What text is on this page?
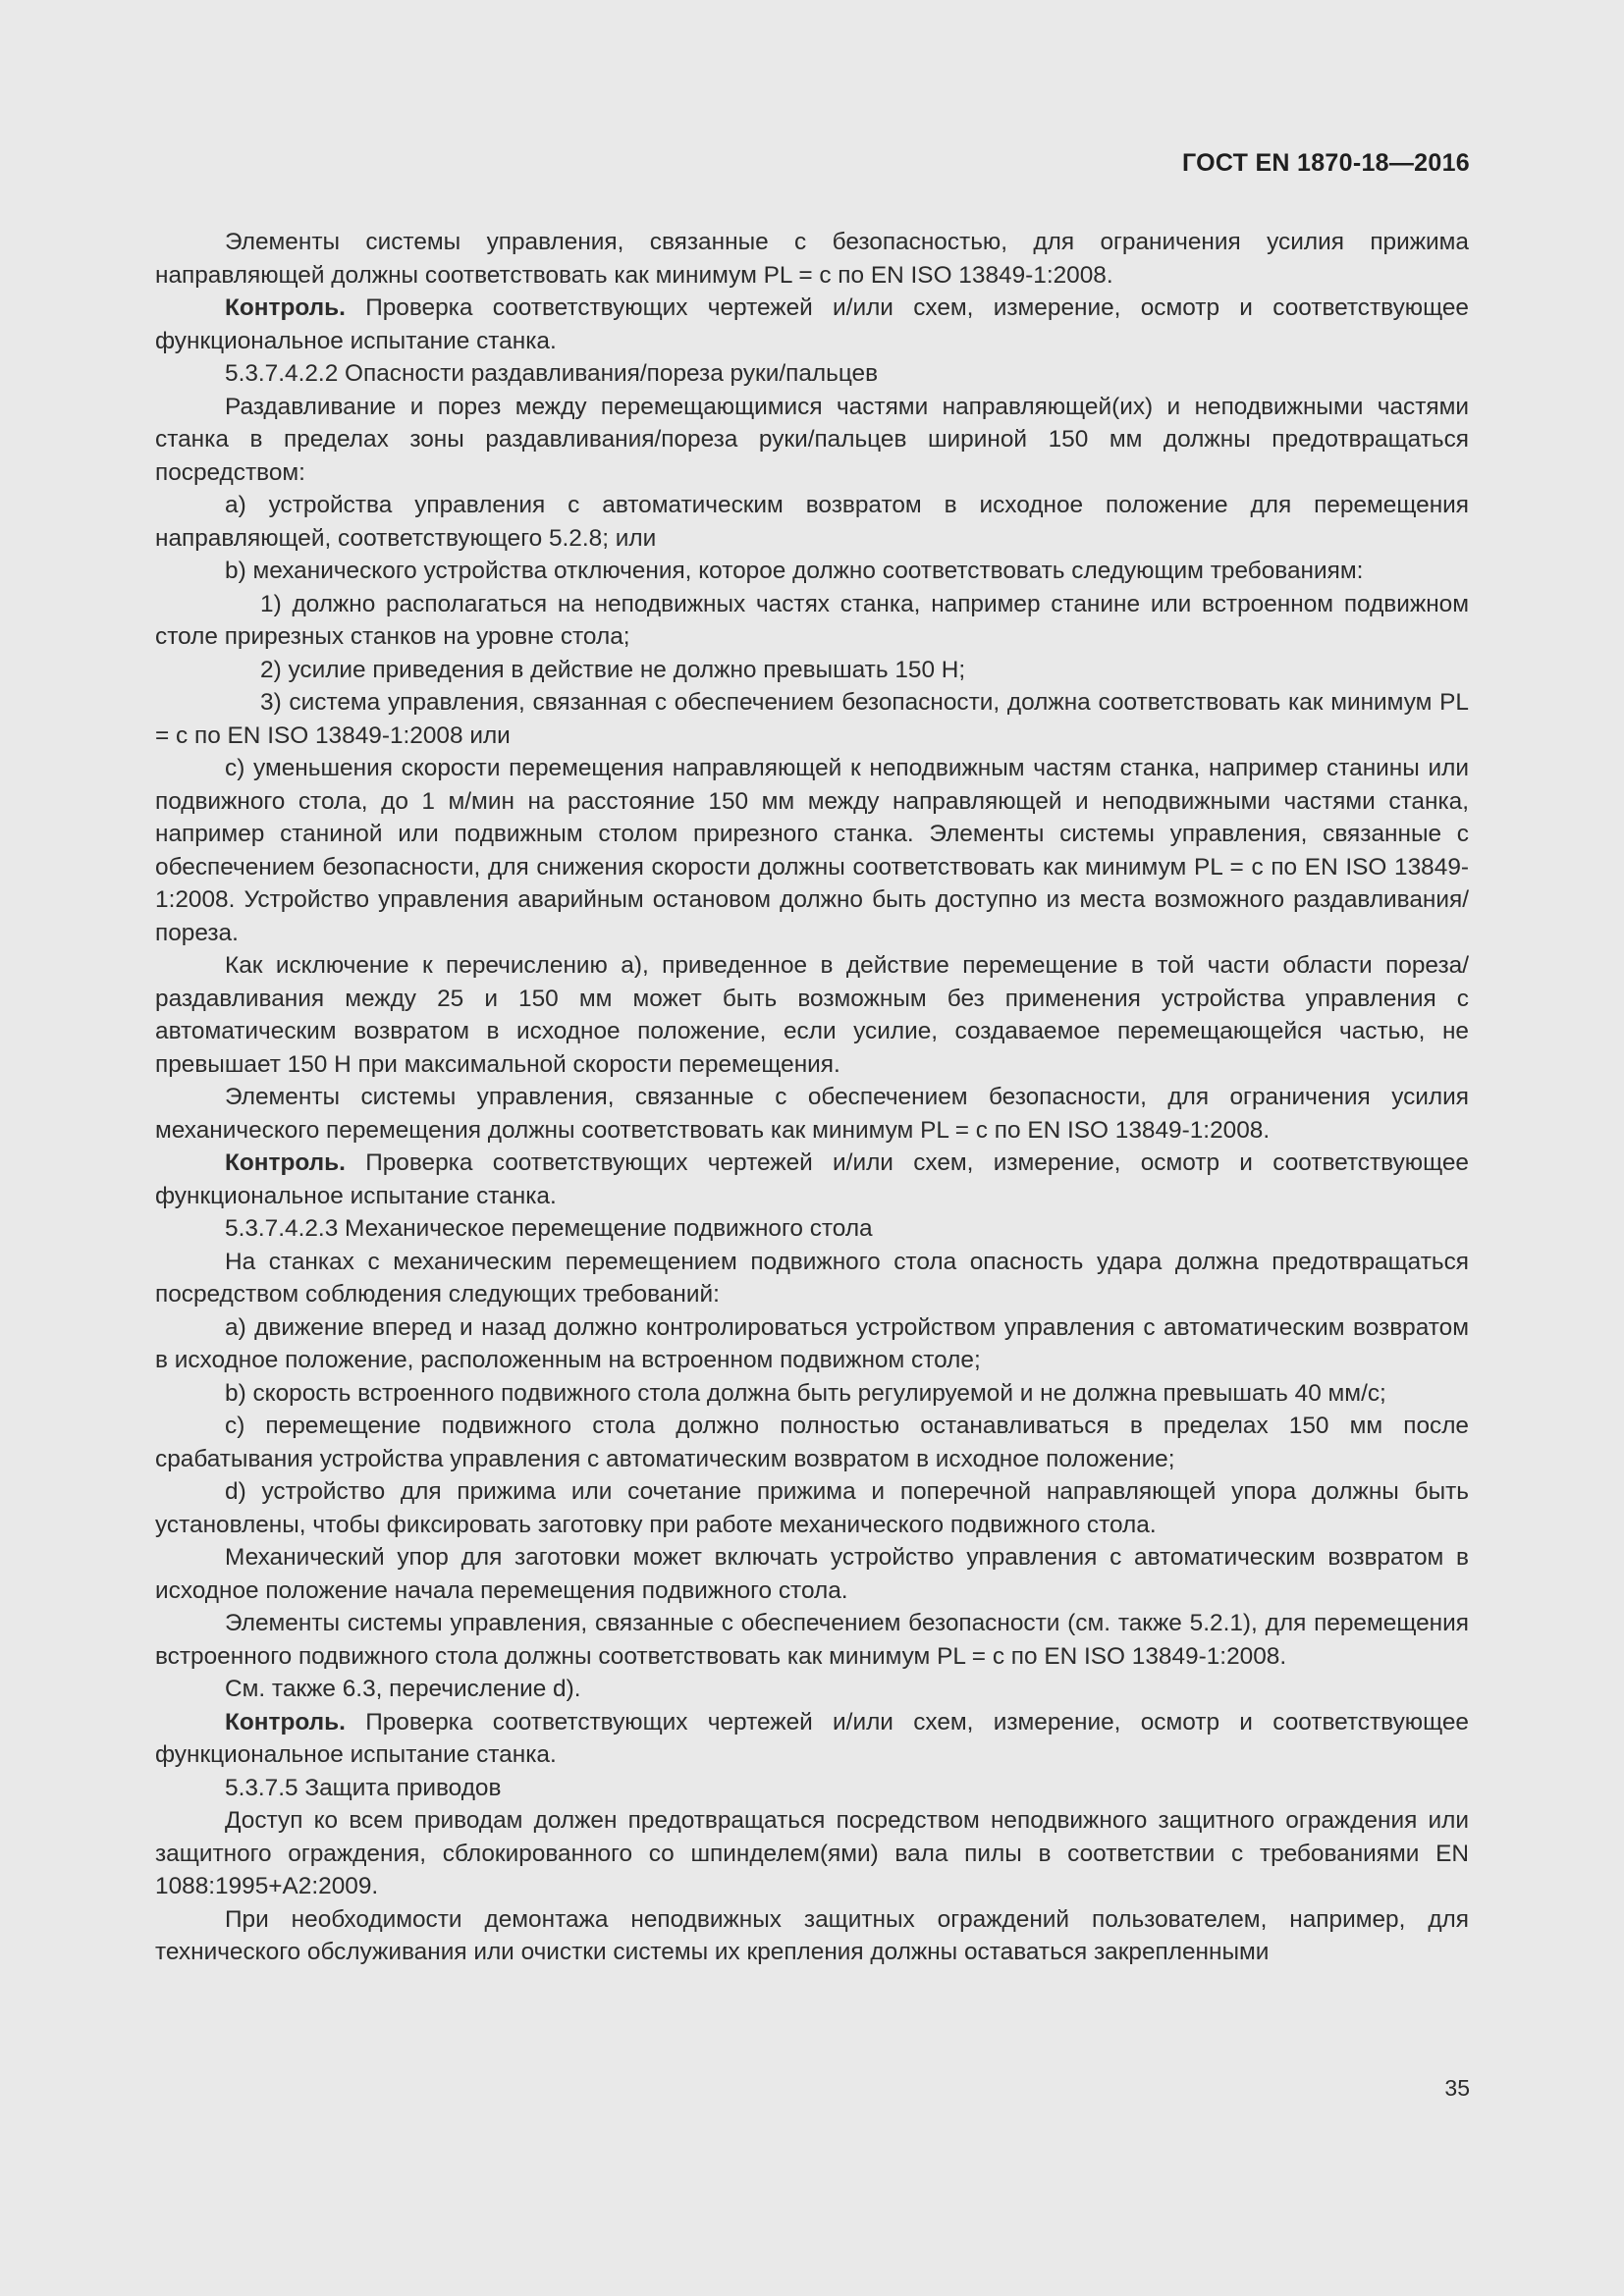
ГОСТ EN 1870-18—2016

Элементы системы управления, связанные с безопасностью, для ограничения усилия прижима направляющей должны соответствовать как минимум PL = c по EN ISO 13849-1:2008.

Контроль. Проверка соответствующих чертежей и/или схем, измерение, осмотр и соответствующее функциональное испытание станка.

5.3.7.4.2.2 Опасности раздавливания/пореза руки/пальцев

Раздавливание и порез между перемещающимися частями направляющей(их) и неподвижными частями станка в пределах зоны раздавливания/пореза руки/пальцев шириной 150 мм должны предотвращаться посредством:

a) устройства управления с автоматическим возвратом в исходное положение для перемещения направляющей, соответствующего 5.2.8; или

b) механического устройства отключения, которое должно соответствовать следующим требованиям:

1) должно располагаться на неподвижных частях станка, например станине или встроенном подвижном столе прирезных станков на уровне стола;

2) усилие приведения в действие не должно превышать 150 Н;

3) система управления, связанная с обеспечением безопасности, должна соответствовать как минимум PL = c по EN ISO 13849-1:2008 или

c) уменьшения скорости перемещения направляющей к неподвижным частям станка, например станины или подвижного стола, до 1 м/мин на расстояние 150 мм между направляющей и неподвижными частями станка, например станиной или подвижным столом прирезного станка. Элементы системы управления, связанные с обеспечением безопасности, для снижения скорости должны соответствовать как минимум PL = c по EN ISO 13849-1:2008. Устройство управления аварийным остановом должно быть доступно из места возможного раздавливания/пореза.

Как исключение к перечислению a), приведенное в действие перемещение в той части области пореза/раздавливания между 25 и 150 мм может быть возможным без применения устройства управления с автоматическим возвратом в исходное положение, если усилие, создаваемое перемещающейся частью, не превышает 150 Н при максимальной скорости перемещения.

Элементы системы управления, связанные с обеспечением безопасности, для ограничения усилия механического перемещения должны соответствовать как минимум PL = c по EN ISO 13849-1:2008.

Контроль. Проверка соответствующих чертежей и/или схем, измерение, осмотр и соответствующее функциональное испытание станка.

5.3.7.4.2.3 Механическое перемещение подвижного стола

На станках с механическим перемещением подвижного стола опасность удара должна предотвращаться посредством соблюдения следующих требований:

a) движение вперед и назад должно контролироваться устройством управления с автоматическим возвратом в исходное положение, расположенным на встроенном подвижном столе;

b) скорость встроенного подвижного стола должна быть регулируемой и не должна превышать 40 мм/с;

c) перемещение подвижного стола должно полностью останавливаться в пределах 150 мм после срабатывания устройства управления с автоматическим возвратом в исходное положение;

d) устройство для прижима или сочетание прижима и поперечной направляющей упора должны быть установлены, чтобы фиксировать заготовку при работе механического подвижного стола.

Механический упор для заготовки может включать устройство управления с автоматическим возвратом в исходное положение начала перемещения подвижного стола.

Элементы системы управления, связанные с обеспечением безопасности (см. также 5.2.1), для перемещения встроенного подвижного стола должны соответствовать как минимум PL = c по EN ISO 13849-1:2008.

См. также 6.3, перечисление d).

Контроль. Проверка соответствующих чертежей и/или схем, измерение, осмотр и соответствующее функциональное испытание станка.

5.3.7.5 Защита приводов

Доступ ко всем приводам должен предотвращаться посредством неподвижного защитного ограждения или защитного ограждения, сблокированного со шпинделем(ями) вала пилы в соответствии с требованиями EN 1088:1995+A2:2009.

При необходимости демонтажа неподвижных защитных ограждений пользователем, например, для технического обслуживания или очистки системы их крепления должны оставаться закрепленными

35
